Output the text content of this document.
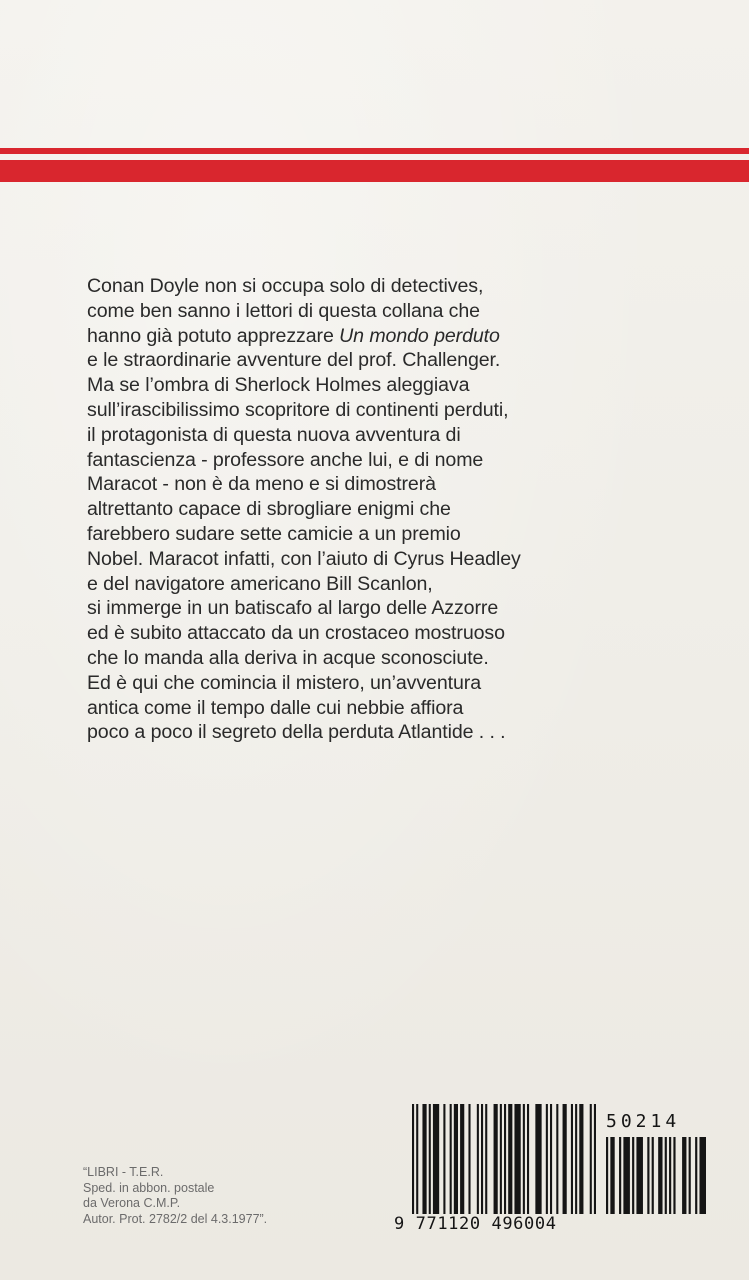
Conan Doyle non si occupa solo di detectives,
come ben sanno i lettori di questa collana che
hanno già potuto apprezzare Un mondo perduto
e le straordinarie avventure del prof. Challenger.
Ma se l’ombra di Sherlock Holmes aleggiava
sull’irascibilissimo scopritore di continenti perduti,
il protagonista di questa nuova avventura di
fantascienza - professore anche lui, e di nome
Maracot - non è da meno e si dimostrerà
altrettanto capace di sbrogliare enigmi che
farebbero sudare sette camicie a un premio
Nobel. Maracot infatti, con l’aiuto di Cyrus Headley
e del navigatore americano Bill Scanlon,
si immerge in un batiscafo al largo delle Azzorre
ed è subito attaccato da un crostaceo mostruoso
che lo manda alla deriva in acque sconosciute.
Ed è qui che comincia il mistero, un’avventura
antica come il tempo dalle cui nebbie affiora
poco a poco il segreto della perduta Atlantide . . .

“LIBRI - T.E.R.
Sped. in abbon. postale
da Verona C.M.P.
Autor. Prot. 2782/2 del 4.3.1977”.	9 771120 496004
50214
